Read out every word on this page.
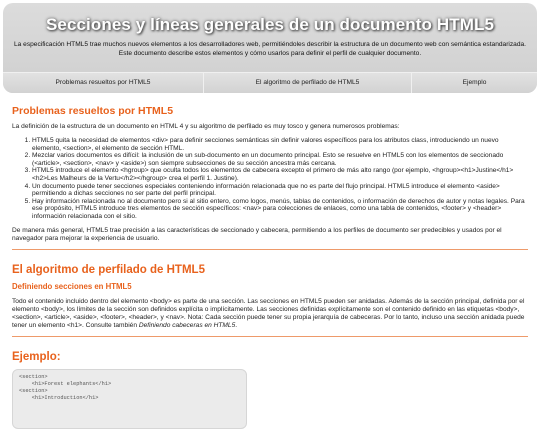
Secciones y líneas generales de un documento HTML5
La especificación HTML5 trae muchos nuevos elementos a los desarrolladores web, permitiéndoles describir la estructura de un documento web con semántica estandarizada. Este documento describe estos elementos y cómo usarlos para definir el perfil de cualquier documento.
Problemas resueltos por HTML5	El algoritmo de perfilado de HTML5	Ejemplo
Problemas resueltos por HTML5

La definición de la estructura de un documento en HTML 4 y su algoritmo de perfilado es muy tosco y genera numerosos problemas:

1. HTML5 quita la necesidad de elementos <div> para definir secciones semánticas sin definir valores específicos para los atributos class, introduciendo un nuevo elemento, <section>, el elemento de sección HTML.
2. Mezclar varios documentos es difícil: la inclusión de un sub-documento en un documento principal. Esto se resuelve en HTML5 con los elementos de seccionado (<article>, <section>, <nav> y <aside>) son siempre subsecciones de su sección ancestra más cercana.
3. HTML5 introduce el elemento <hgroup> que oculta todos los elementos de cabecera excepto el primero de más alto rango (por ejemplo, <hgroup><h1>Justine</h1><h2>Les Malheurs de la Vertu</h2></hgroup> crea el perfil 1. Justine).
4. Un documento puede tener secciones especiales conteniendo información relacionada que no es parte del flujo principal. HTML5 introduce el elemento <aside> permitiendo a dichas secciones no ser parte del perfil principal.
5. Hay información relacionada no al documento pero si al sitio entero, como logos, menús, tablas de contenidos, o información de derechos de autor y notas legales. Para ese propósito, HTML5 introduce tres elementos de sección específicos: <nav> para colecciones de enlaces, como una tabla de contenidos, <footer> y <header> información relacionada con el sitio.

De manera más general, HTML5 trae precisión a las características de seccionado y cabecera, permitiendo a los perfiles de documento ser predecibles y usados por el navegador para mejorar la experiencia de usuario.

El algoritmo de perfilado de HTML5
Definiendo secciones en HTML5

Todo el contenido incluido dentro del elemento <body> es parte de una sección. Las secciones en HTML5 pueden ser anidadas. Además de la sección principal, definida por el elemento <body>, los límites de la sección son definidos explícita o implícitamente. Las secciones definidas explícitamente son el contenido definido en las etiquetas <body>, <section>, <article>, <aside>, <footer>, <header>, y <nav>. Nota: Cada sección puede tener su propia jerarquía de cabeceras. Por lo tanto, incluso una sección anidada puede tener un elemento <h1>. Consulte también Definiendo cabeceras en HTML5.

Ejemplo:
<section>
<h1>Forest elephants</h1>
<section>
<h1>Introduction</h1>
